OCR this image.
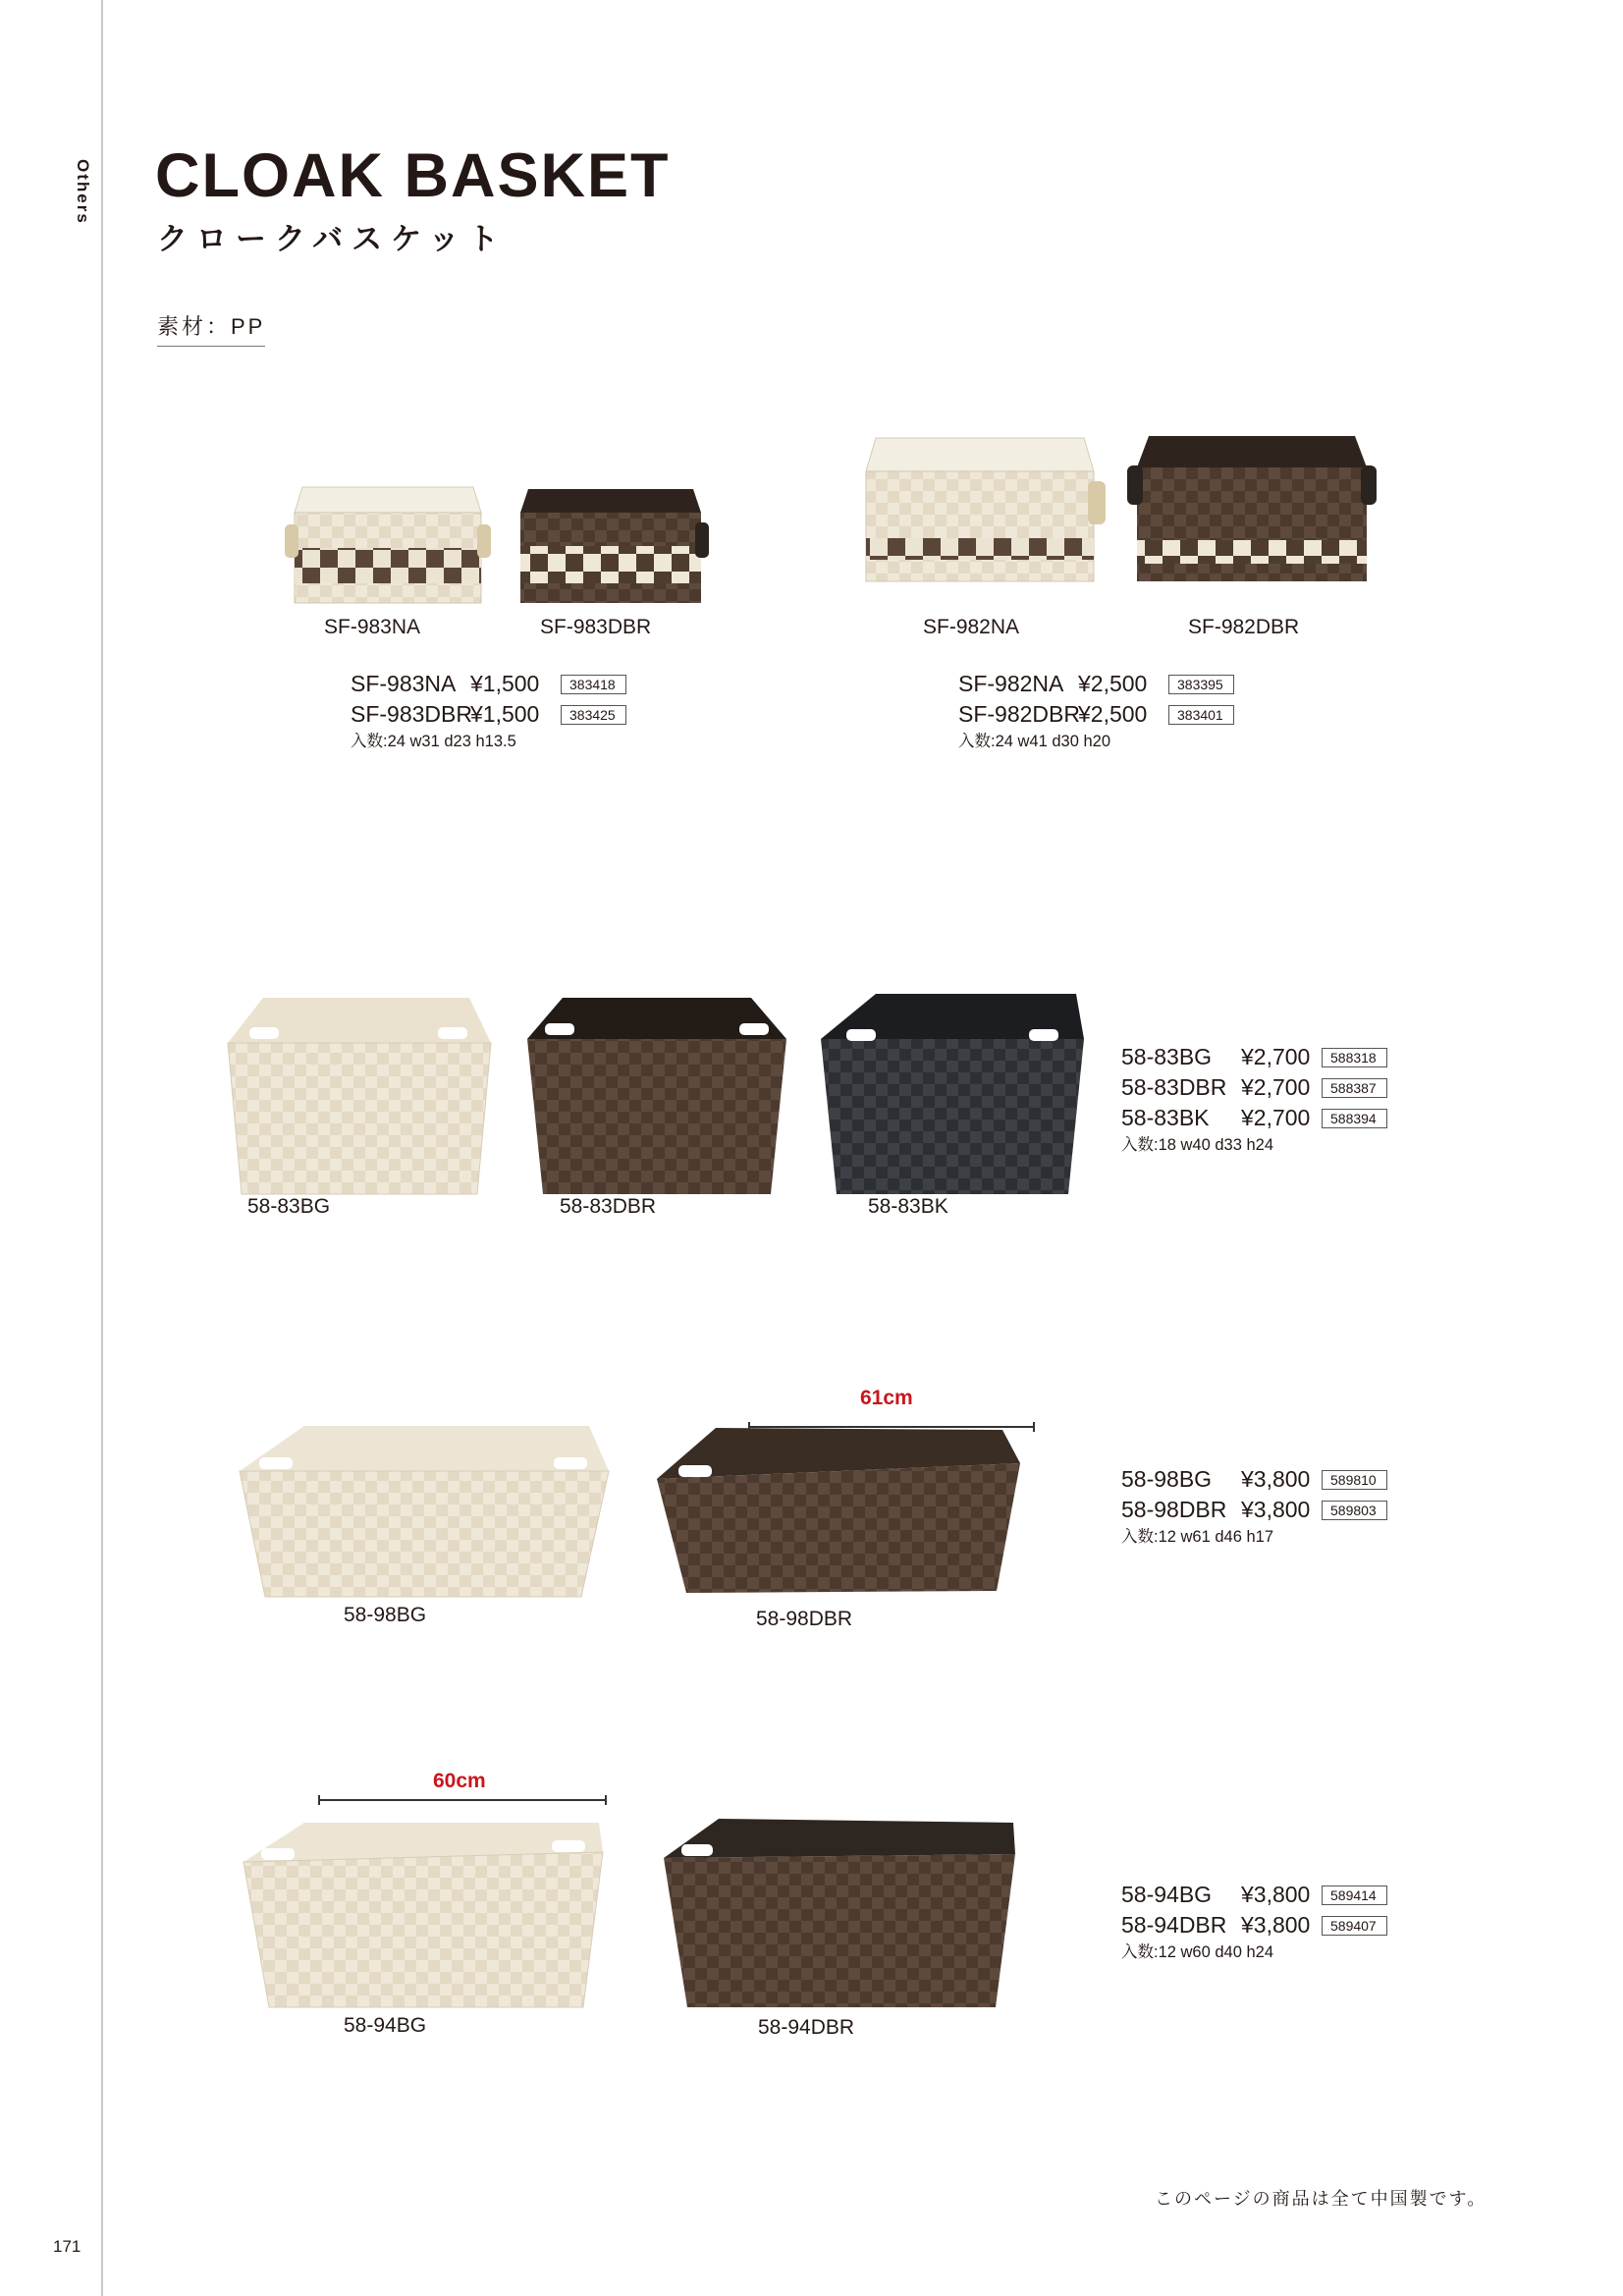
Others CLOAK BASKET
クロークバスケット
素材：PP
SF-983NA	SF-983DBR
SF-983NA ¥1,500 383418
SF-983DBR¥1,500 383425
入数:24 w31 d23 h13.5
SF-982NA	SF-982DBR
SF-982NA ¥2,500 383395
SF-982DBR¥2,500 383401
入数:24 w41 d30 h20
58-83BG	58-83DBR	58-83BK
58-83BG ¥2,700 588318
58-83DBR ¥2,700 588387
58-83BK ¥2,700 588394
入数:18 w40 d33 h24
61cm
58-98BG	58-98DBR
58-98BG ¥3,800 589810
58-98DBR ¥3,800 589803
入数:12 w61 d46 h17
60cm
58-94BG	58-94DBR
58-94BG ¥3,800 589414
58-94DBR ¥3,800 589407
入数:12 w60 d40 h24
このページの商品は全て中国製です。
171
